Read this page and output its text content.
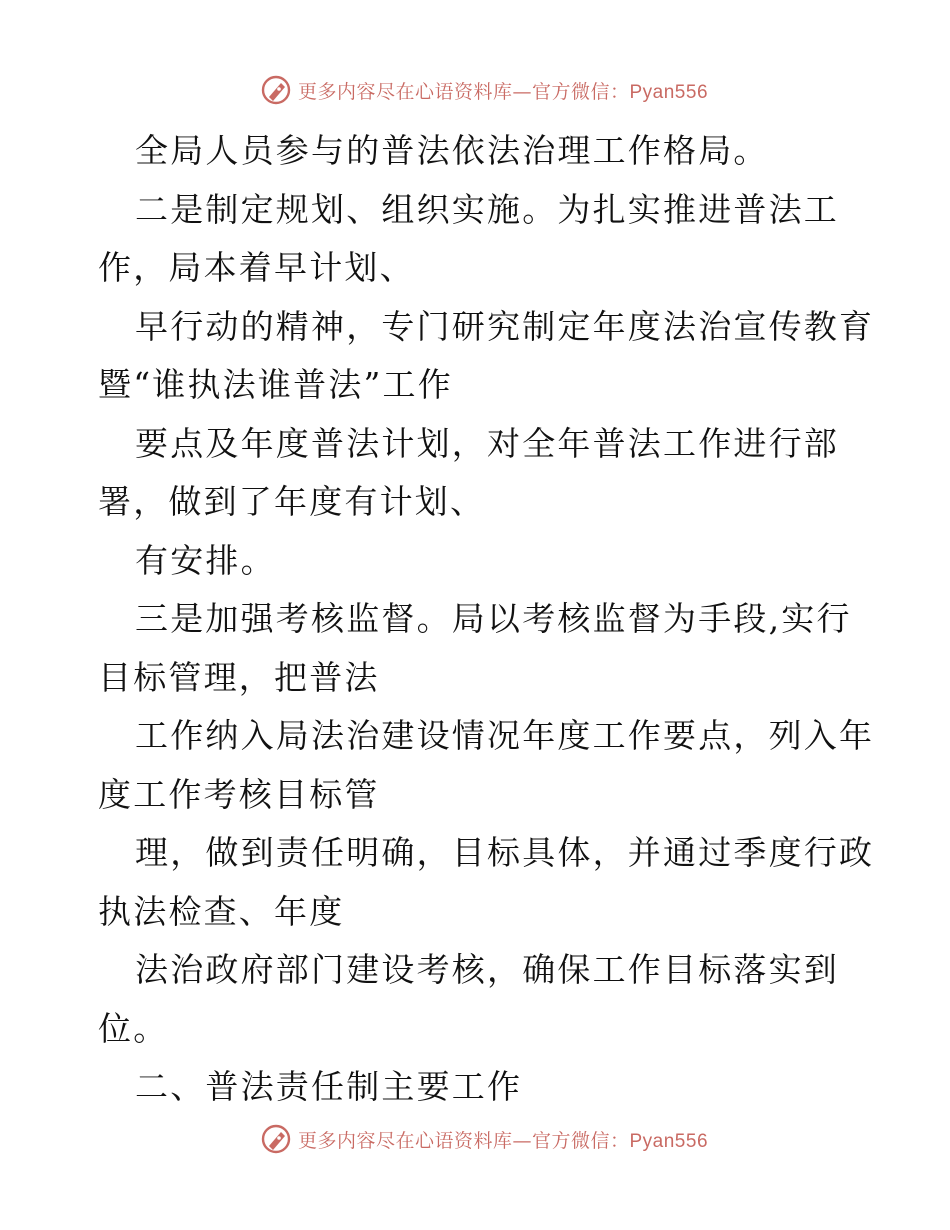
更多内容尽在心语资料库—官方微信：Pyan556
全局人员参与的普法依法治理工作格局。
二是制定规划、组织实施。为扎实推进普法工
作，局本着早计划、
早行动的精神，专门研究制定年度法治宣传教育
暨“谁执法谁普法”工作
要点及年度普法计划，对全年普法工作进行部
署，做到了年度有计划、
有安排。
三是加强考核监督。局以考核监督为手段,实行
目标管理，把普法
工作纳入局法治建设情况年度工作要点，列入年
度工作考核目标管
理，做到责任明确，目标具体，并通过季度行政
执法检查、年度
法治政府部门建设考核，确保工作目标落实到
位。
二、普法责任制主要工作
更多内容尽在心语资料库—官方微信：Pyan556
